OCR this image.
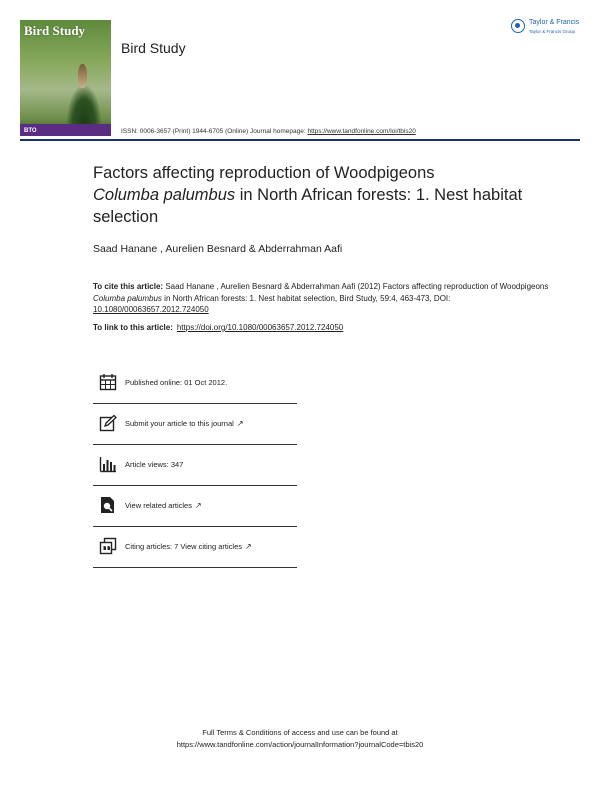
Bird Study
BTO
Bird Study
Taylor & Francis
Taylor & Francis Group
ISSN: 0006-3657 (Print) 1944-6705 (Online) Journal homepage: https://www.tandfonline.com/loi/tbis20
Factors affecting reproduction of Woodpigeons
Columba palumbus in North African forests: 1. Nest habitat selection
Saad Hanane , Aurelien Besnard & Abderrahman Aafi
To cite this article: Saad Hanane , Aurelien Besnard & Abderrahman Aafi (2012) Factors affecting reproduction of Woodpigeons Columba palumbus in North African forests: 1. Nest habitat selection, Bird Study, 59:4, 463-473, DOI: 10.1080/00063657.2012.724050
To link to this article: https://doi.org/10.1080/00063657.2012.724050
Published online: 01 Oct 2012.
Submit your article to this journal ↗
Article views: 347
View related articles ↗
Citing articles: 7 View citing articles ↗
Full Terms & Conditions of access and use can be found at
https://www.tandfonline.com/action/journalInformation?journalCode=tbis20
